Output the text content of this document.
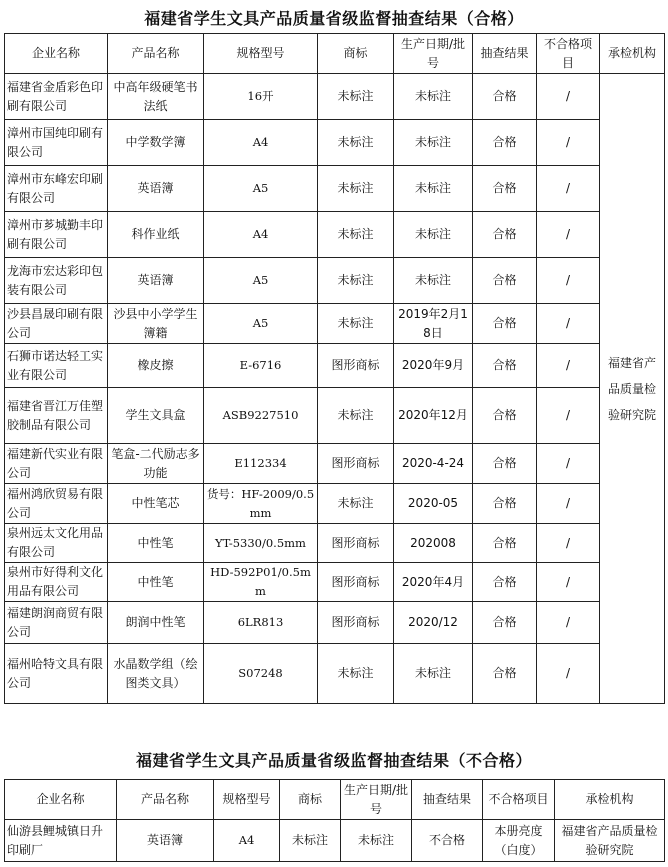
福建省学生文具产品质量省级监督抽查结果（合格）
企业名称	产品名称	规格型号	商标	生产日期/批号	抽查结果	不合格项目	承检机构
福建省金盾彩色印刷有限公司	中高年级硬笔书法纸	16开	未标注	未标注	合格	/	福建省产品质量检验研究院
漳州市国纯印刷有限公司	中学数学簿	A4	未标注	未标注	合格	/	
漳州市东峰宏印刷有限公司	英语簿	A5	未标注	未标注	合格	/	
漳州市芗城勤丰印刷有限公司	科作业纸	A4	未标注	未标注	合格	/	
龙海市宏达彩印包装有限公司	英语簿	A5	未标注	未标注	合格	/	
沙县昌晟印刷有限公司	沙县中小学学生簿籍	A5	未标注	2019年2月18日	合格	/	
石狮市诺达轻工实业有限公司	橡皮擦	E-6716	图形商标	2020年9月	合格	/	
福建省晋江万佳塑胶制品有限公司	学生文具盒	ASB9227510	未标注	2020年12月	合格	/	
福建新代实业有限公司	笔盒-二代励志多功能	E112334	图形商标	2020-4-24	合格	/	
福州鸿欣贸易有限公司	中性笔芯	货号：HF-2009/0.5mm	未标注	2020-05	合格	/	
泉州远太文化用品有限公司	中性笔	YT-5330/0.5mm	图形商标	202008	合格	/	
泉州市好得利文化用品有限公司	中性笔	HD-592P01/0.5mm	图形商标	2020年4月	合格	/	
福建朗润商贸有限公司	朗润中性笔	6LR813	图形商标	2020/12	合格	/	
福州哈特文具有限公司	水晶数学组（绘图类文具）	S07248	未标注	未标注	合格	/	
福建省学生文具产品质量省级监督抽查结果（不合格）
企业名称	产品名称	规格型号	商标	生产日期/批号	抽查结果	不合格项目	承检机构
仙游县鲤城镇日升印刷厂	英语簿	A4	未标注	未标注	不合格	本册亮度（白度）	福建省产品质量检验研究院
